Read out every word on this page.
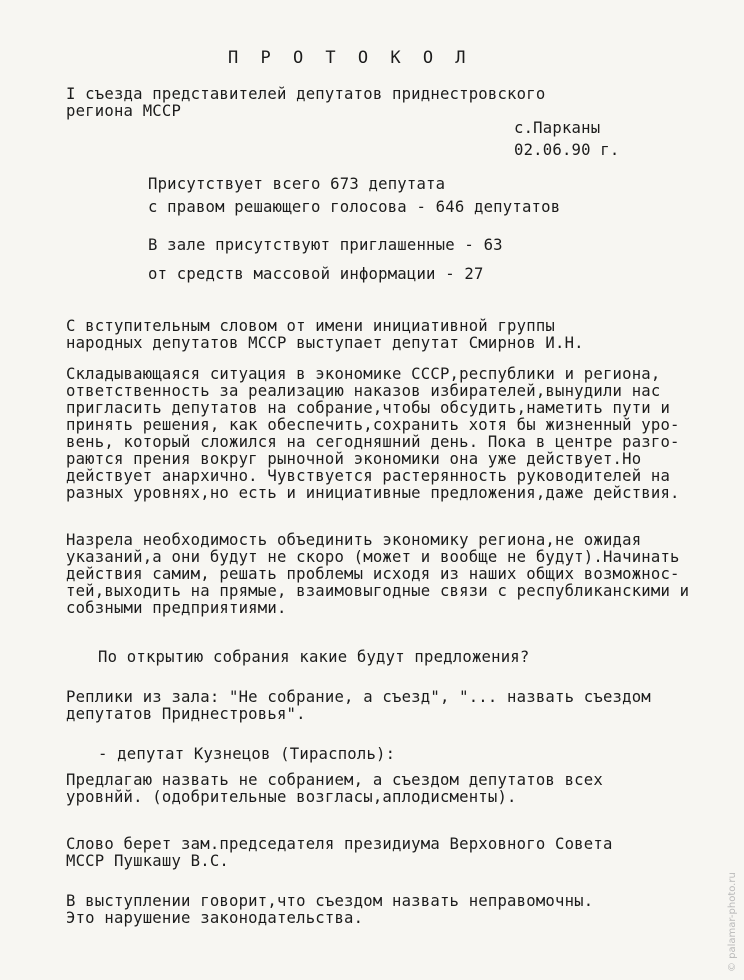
П Р О Т О К О Л

I съезда представителей депутатов приднестровского

региона МССР

с.Парканы

02.06.90 г.

Присутствует всего 673 депутата

с правом решающего голосова - 646 депутатов

В зале присутствуют приглашенные - 63

от средств массовой информации - 27

С вступительным словом от имени инициативной группы
народных депутатов МССР выступает депутат Смирнов И.Н.
Складывающаяся ситуация в экономике СССР,республики и региона,
ответственность за реализацию наказов избирателей,вынудили нас
пригласить депутатов на собрание,чтобы обсудить,наметить пути и
принять решения, как обеспечить,сохранить хотя бы жизненный уро-
вень, который сложился на сегодняшний день. Пока в центре разго-
раются прения вокруг рыночной экономики она уже действует.Но
действует анархично. Чувствуется растерянность руководителей на
разных уровнях,но есть и инициативные предложения,даже действия.
Назрела необходимость объединить экономику региона,не ожидая
указаний,а они будут не скоро (может и вообще не будут).Начинать
действия самим, решать проблемы исходя из наших общих возможнос-
тей,выходить на прямые, взаимовыгодные связи с республиканскими и
собзными предприятиями.
По открытию собрания какие будут предложения?
Реплики из зала: "Не собрание, а съезд", "... назвать съездом
депутатов Приднестровья".
- депутат Кузнецов (Тирасполь):
Предлагаю назвать не собранием, а съездом депутатов всех
уровнйй. (одобрительные возгласы,аплодисменты).
Слово берет зам.председателя президиума Верховного Совета
МССР Пушкашу В.С.
В выступлении говорит,что съездом назвать неправомочны.
Это нарушение законодательства.	© palamar-photo.ru
